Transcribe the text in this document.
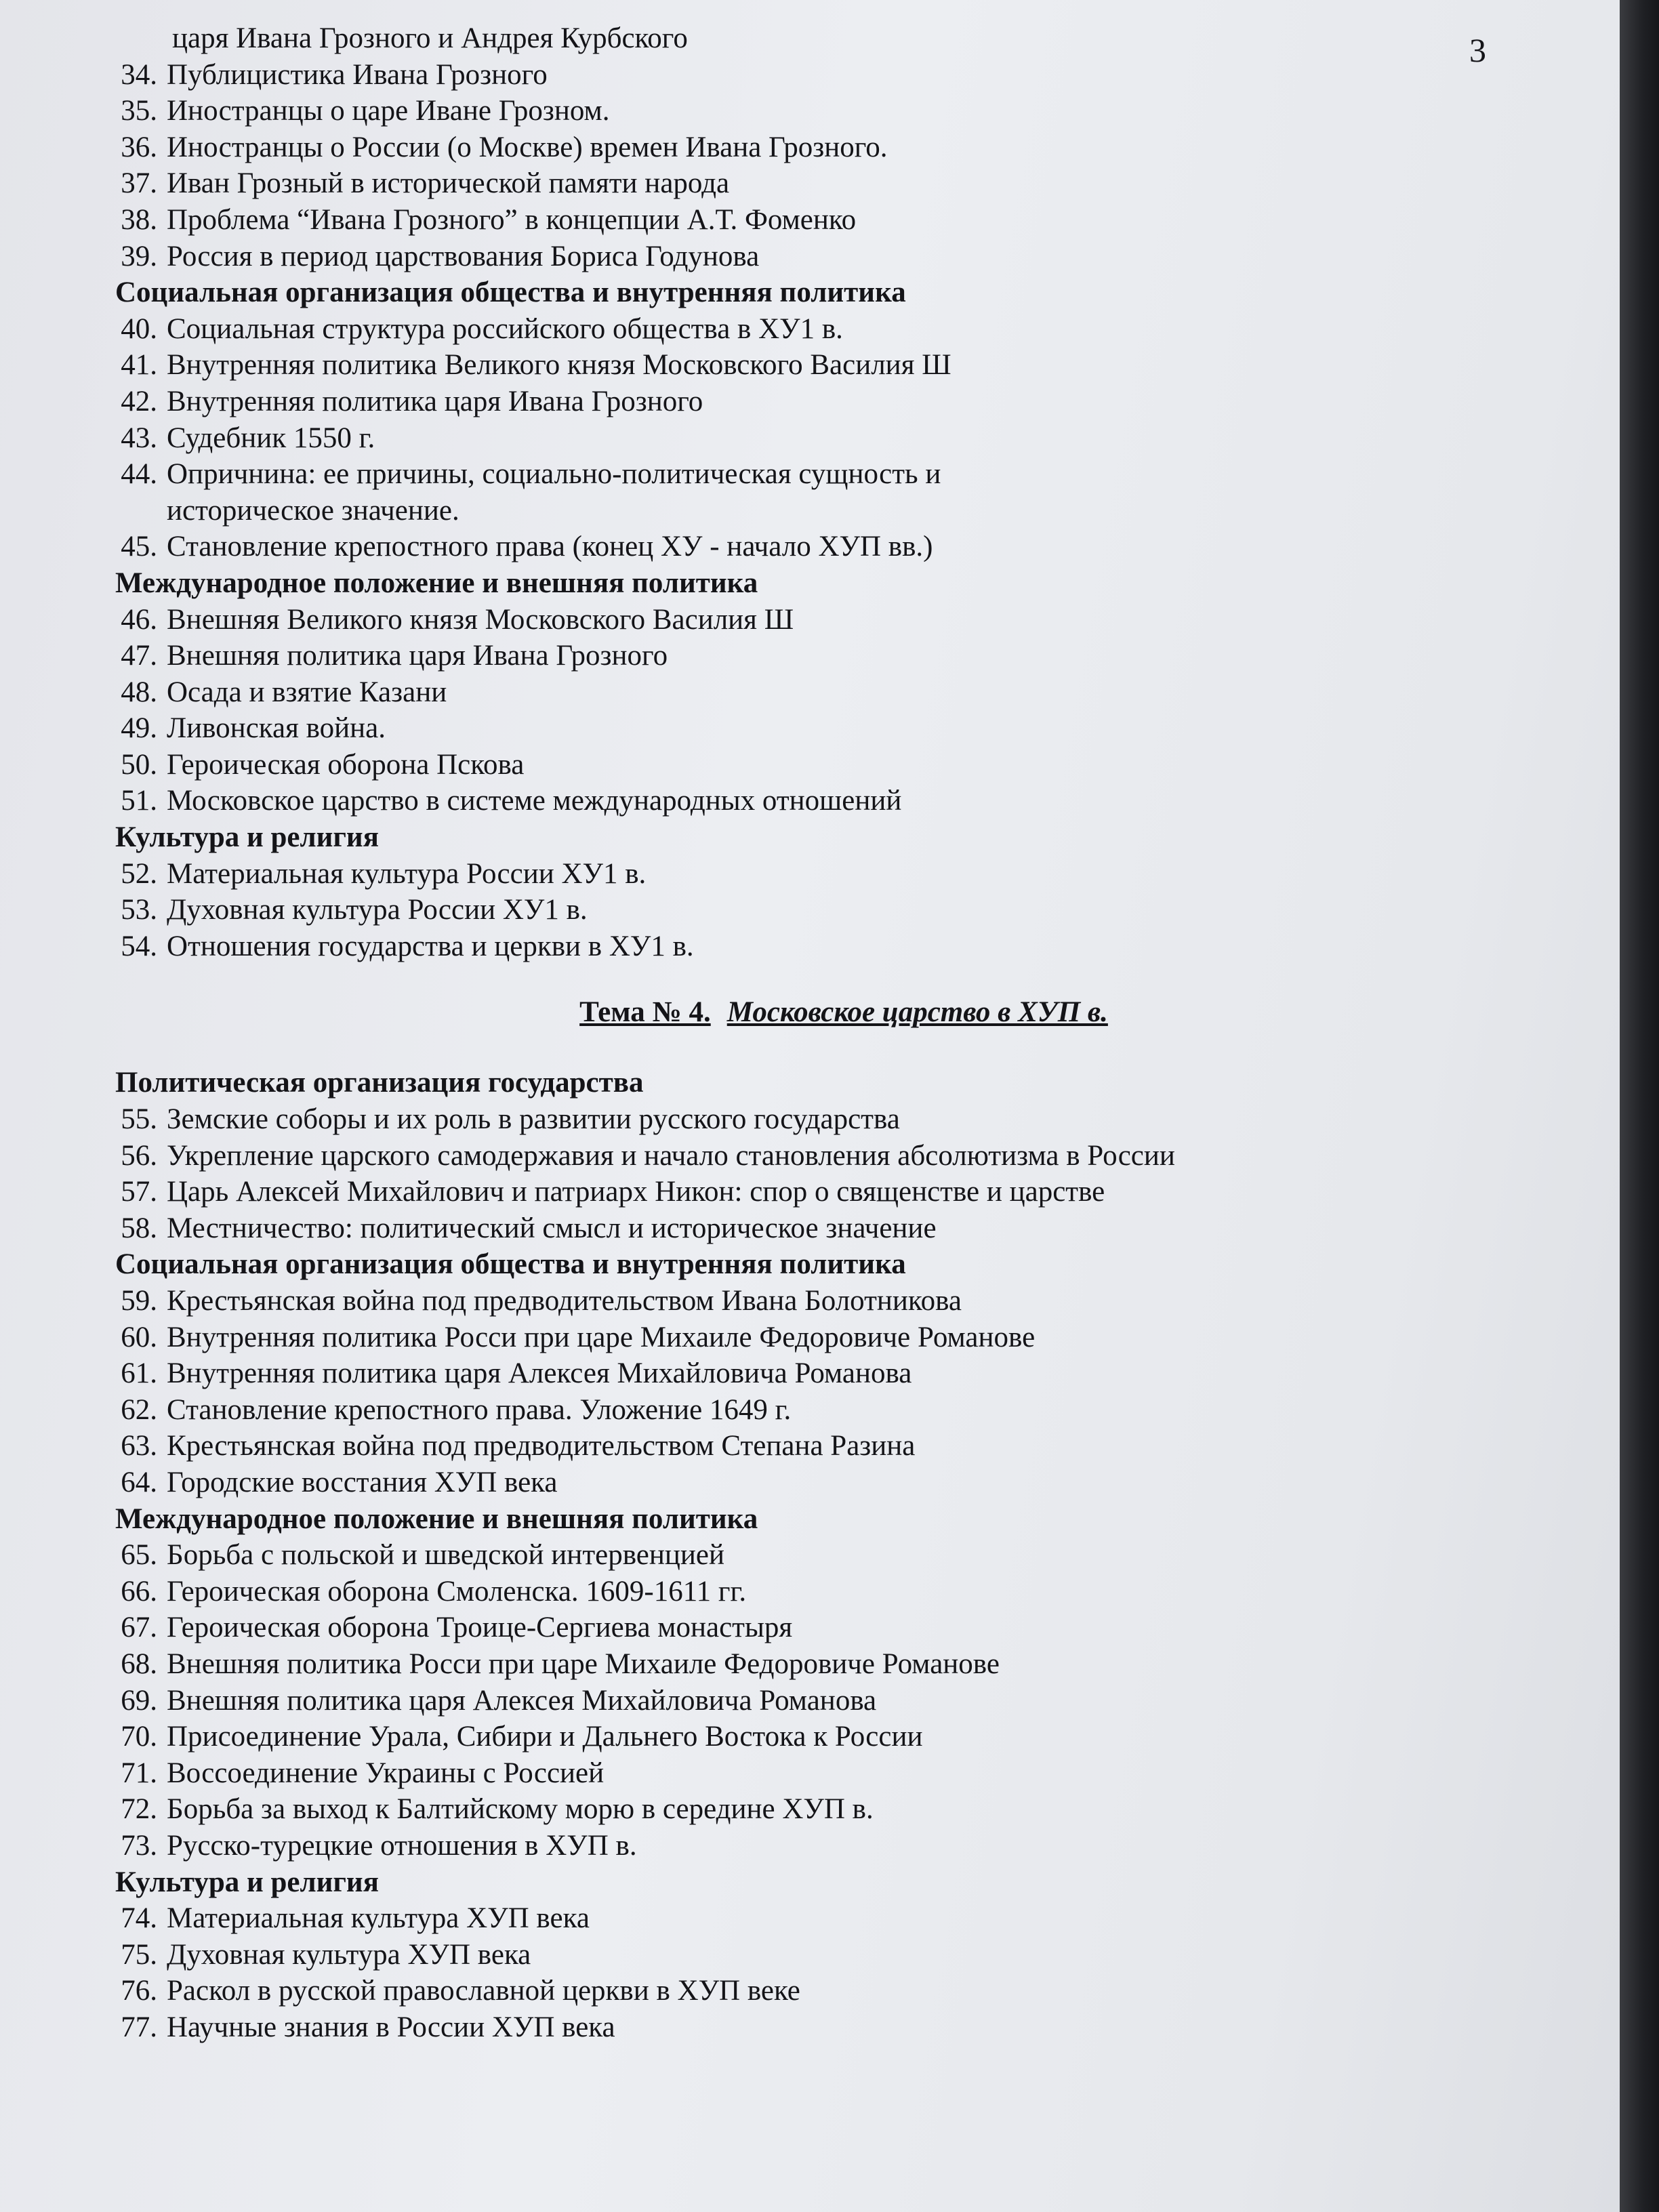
3
царя Ивана Грозного и Андрея Курбского
34. Публицистика Ивана Грозного
35. Иностранцы о царе Иване Грозном.
36. Иностранцы о России (о Москве) времен Ивана Грозного.
37. Иван Грозный в исторической памяти народа
38. Проблема “Ивана Грозного” в концепции А.Т. Фоменко
39. Россия в период царствования Бориса Годунова
Социальная организация общества и внутренняя политика
40. Социальная структура российского общества в ХУ1 в.
41. Внутренняя политика Великого князя Московского Василия Ш
42. Внутренняя политика царя Ивана Грозного
43. Судебник 1550 г.
44. Опричнина: ее причины, социально-политическая сущность и
историческое значение.
45. Становление крепостного права (конец ХУ - начало ХУП вв.)
Международное положение и внешняя политика
46. Внешняя Великого князя Московского Василия Ш
47. Внешняя политика царя Ивана Грозного
48. Осада и взятие Казани
49. Ливонская война.
50. Героическая оборона Пскова
51. Московское царство в системе международных отношений
Культура и религия
52. Материальная культура России ХУ1 в.
53. Духовная культура России ХУ1 в.
54. Отношения государства и церкви в ХУ1 в.
Тема № 4. Московское царство в ХУП в.
Политическая организация государства
55. Земские соборы и их роль в развитии русского государства
56. Укрепление царского самодержавия и начало становления абсолютизма в России
57. Царь Алексей Михайлович и патриарх Никон: спор о священстве и царстве
58. Местничество: политический смысл и историческое значение
Социальная организация общества и внутренняя политика
59. Крестьянская война под предводительством Ивана Болотникова
60. Внутренняя политика Росси при царе Михаиле Федоровиче Романове
61. Внутренняя политика царя Алексея Михайловича Романова
62. Становление крепостного права. Уложение 1649 г.
63. Крестьянская война под предводительством Степана Разина
64. Городские восстания ХУП века
Международное положение и внешняя политика
65. Борьба с польской и шведской интервенцией
66. Героическая оборона Смоленска. 1609-1611 гг.
67. Героическая оборона Троице-Сергиева монастыря
68. Внешняя политика Росси при царе Михаиле Федоровиче Романове
69. Внешняя политика царя Алексея Михайловича Романова
70. Присоединение Урала, Сибири и Дальнего Востока к России
71. Воссоединение Украины с Россией
72. Борьба за выход к Балтийскому морю в середине ХУП в.
73. Русско-турецкие отношения в ХУП в.
Культура и религия
74. Материальная культура ХУП века
75. Духовная культура ХУП века
76. Раскол в русской православной церкви в ХУП веке
77. Научные знания в России ХУП века
